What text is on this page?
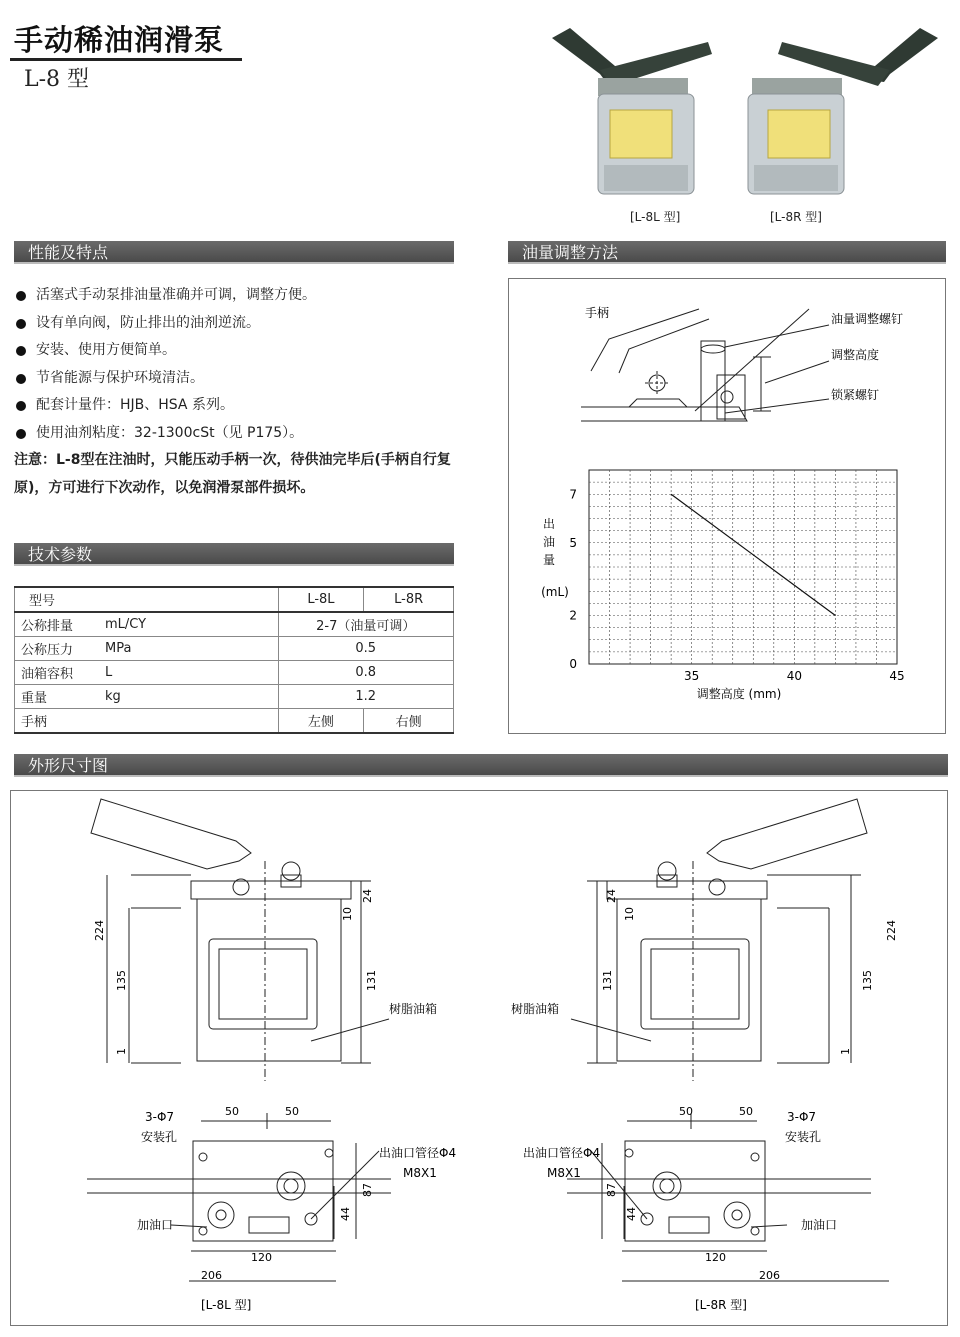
手动稀油润滑泵
L-8 型
[L-8L 型]	[L-8R 型]
性能及特点	油量调整方法
技术参数
外形尺寸图
活塞式手动泵排油量准确并可调，调整方便。
设有单向阀，防止排出的油剂逆流。
安装、使用方便简单。
节省能源与保护环境清洁。
配套计量件：HJB、HSA 系列。
使用油剂粘度：32-1300cSt（见 P175）。
注意：L-8型在注油时，只能压动手柄一次，待供油完毕后(手柄自行复原)，方可进行下次动作，以免润滑泵部件损坏。
型号		L-8L	L-8R
公称排量	mL/CY	2-7（油量可调）	
公称压力	MPa	0.5	
油箱容积	L	0.8	
重量	kg	1.2	
手柄		左侧	右侧
手柄	油量调整螺钉
调整高度
锁紧螺钉
35	40	45
0
2
5
7
出
油
量
(mL)
调整高度 (mm)
树脂油箱
3-Φ7
安装孔
出油口管径Φ4
M8X1
加油口
树脂油箱
3-Φ7
安装孔
出油口管径Φ4
M8X1
加油口
224
135	131
1
24
10
50	50
87
44
120
206
224
135
131
1
24
10
50	50
87
44
120
206
[L-8L 型]	[L-8R 型]
